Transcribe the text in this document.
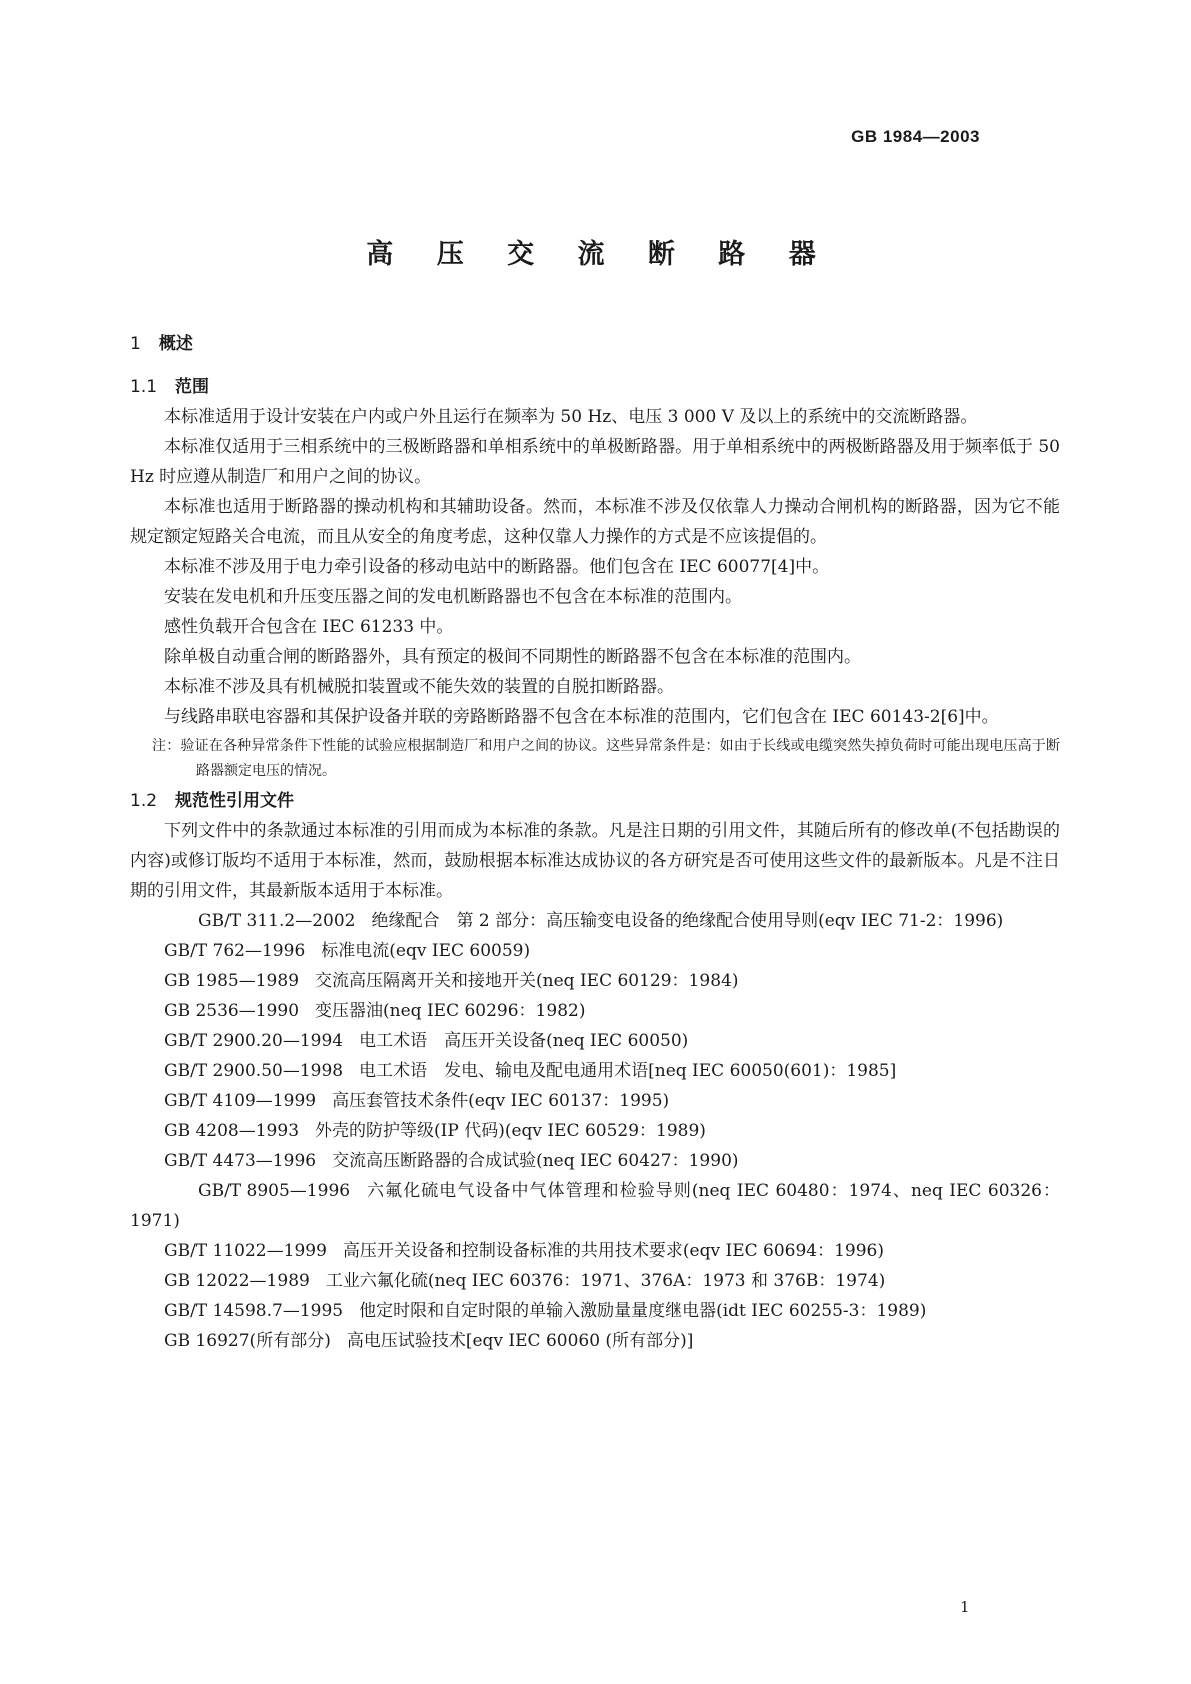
GB 1984—2003
高 压 交 流 断 路 器
1 概述
1.1 范围

本标准适用于设计安装在户内或户外且运行在频率为 50 Hz、电压 3 000 V 及以上的系统中的交流断路器。

本标准仅适用于三相系统中的三极断路器和单相系统中的单极断路器。用于单相系统中的两极断路器及用于频率低于 50 Hz 时应遵从制造厂和用户之间的协议。

本标准也适用于断路器的操动机构和其辅助设备。然而，本标准不涉及仅依靠人力操动合闸机构的断路器，因为它不能规定额定短路关合电流，而且从安全的角度考虑，这种仅靠人力操作的方式是不应该提倡的。

本标准不涉及用于电力牵引设备的移动电站中的断路器。他们包含在 IEC 60077[4]中。

安装在发电机和升压变压器之间的发电机断路器也不包含在本标准的范围内。

感性负载开合包含在 IEC 61233 中。

除单极自动重合闸的断路器外，具有预定的极间不同期性的断路器不包含在本标准的范围内。

本标准不涉及具有机械脱扣装置或不能失效的装置的自脱扣断路器。

与线路串联电容器和其保护设备并联的旁路断路器不包含在本标准的范围内，它们包含在 IEC 60143-2[6]中。

注：验证在各种异常条件下性能的试验应根据制造厂和用户之间的协议。这些异常条件是：如由于长线或电缆突然失掉负荷时可能出现电压高于断路器额定电压的情况。

1.2 规范性引用文件

下列文件中的条款通过本标准的引用而成为本标准的条款。凡是注日期的引用文件，其随后所有的修改单(不包括勘误的内容)或修订版均不适用于本标准，然而，鼓励根据本标准达成协议的各方研究是否可使用这些文件的最新版本。凡是不注日期的引用文件，其最新版本适用于本标准。

GB/T 311.2—2002 绝缘配合　第 2 部分：高压输变电设备的绝缘配合使用导则(eqv IEC 71-2：1996)

GB/T 762—1996 标准电流(eqv IEC 60059)

GB 1985—1989 交流高压隔离开关和接地开关(neq IEC 60129：1984)

GB 2536—1990 变压器油(neq IEC 60296：1982)

GB/T 2900.20—1994 电工术语　高压开关设备(neq IEC 60050)

GB/T 2900.50—1998 电工术语　发电、输电及配电通用术语[neq IEC 60050(601)：1985]

GB/T 4109—1999 高压套管技术条件(eqv IEC 60137：1995)

GB 4208—1993 外壳的防护等级(IP 代码)(eqv IEC 60529：1989)

GB/T 4473—1996 交流高压断路器的合成试验(neq IEC 60427：1990)

GB/T 8905—1996 六氟化硫电气设备中气体管理和检验导则(neq IEC 60480：1974、neq IEC 60326：1971)

GB/T 11022—1999 高压开关设备和控制设备标准的共用技术要求(eqv IEC 60694：1996)

GB 12022—1989 工业六氟化硫(neq IEC 60376：1971、376A：1973 和 376B：1974)

GB/T 14598.7—1995 他定时限和自定时限的单输入激励量量度继电器(idt IEC 60255-3：1989)

GB 16927(所有部分) 高电压试验技术[eqv IEC 60060 (所有部分)]

1
